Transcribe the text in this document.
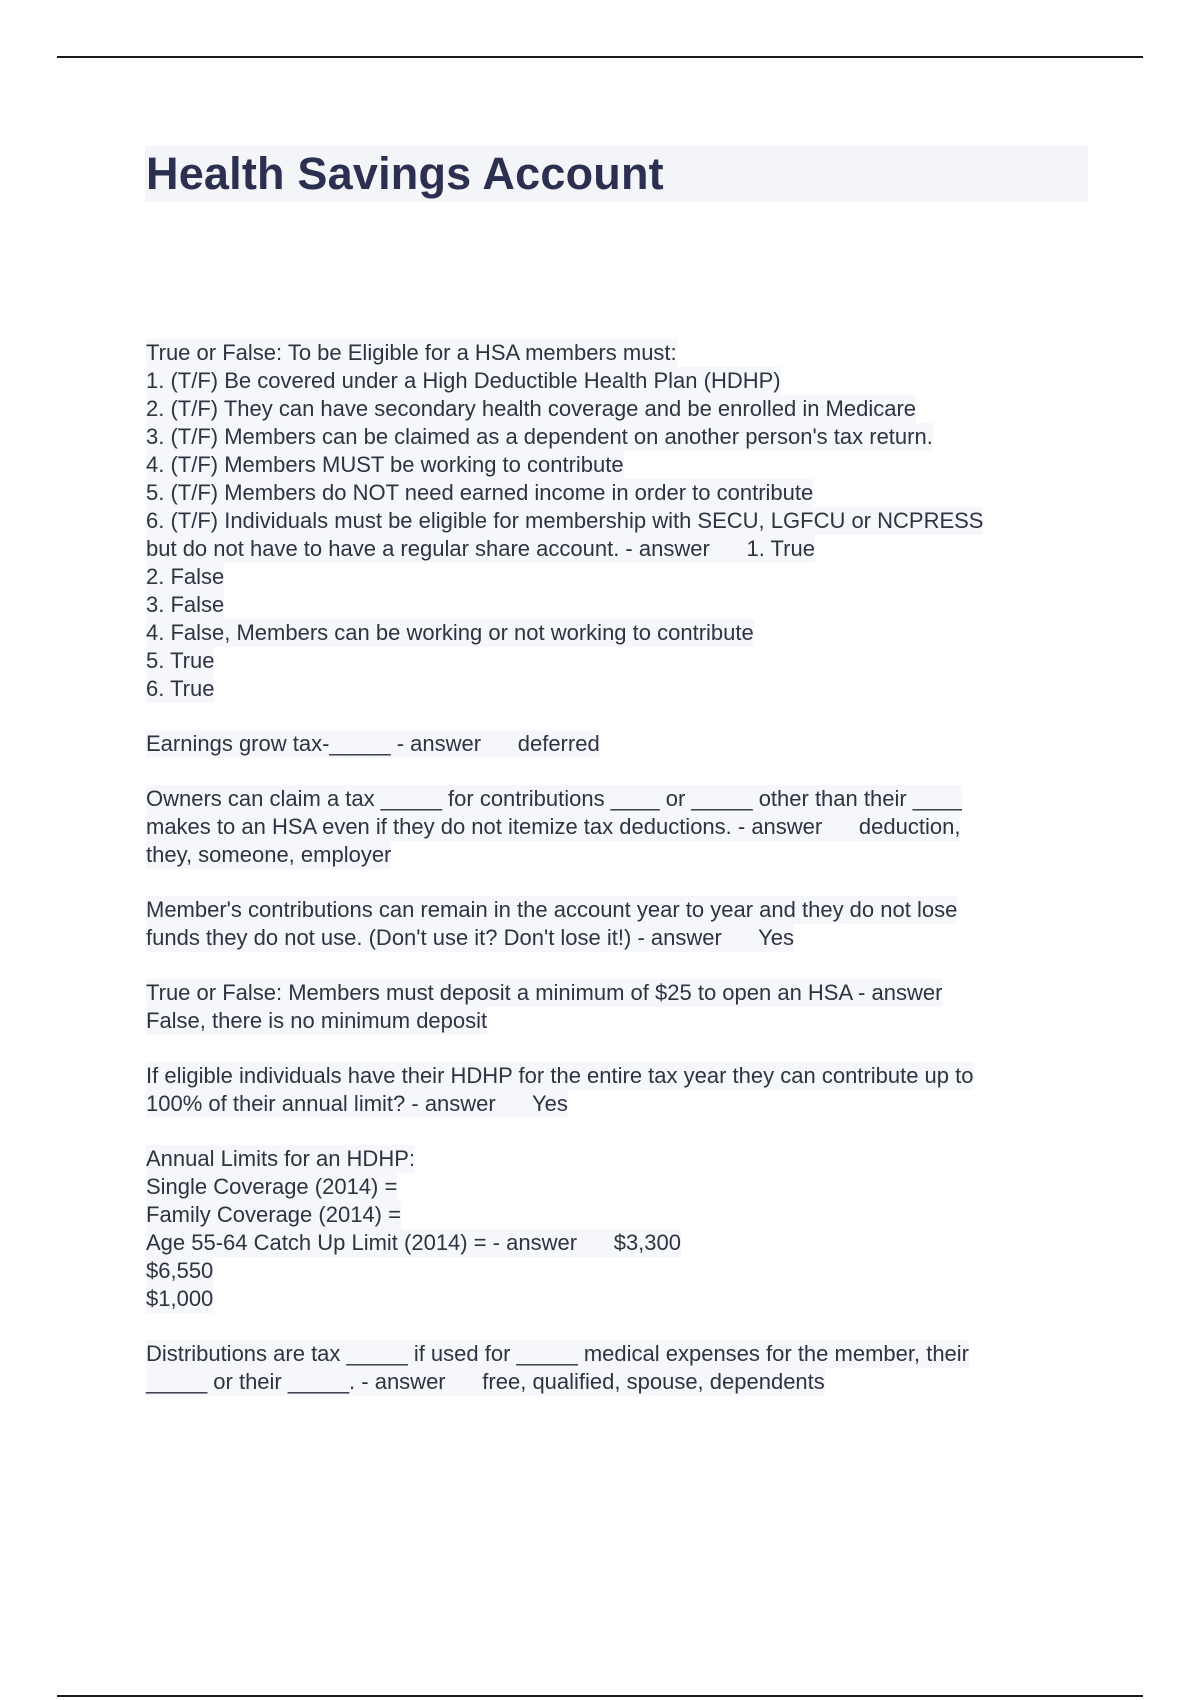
Health Savings Account
True or False: To be Eligible for a HSA members must:
1. (T/F) Be covered under a High Deductible Health Plan (HDHP)
2. (T/F) They can have secondary health coverage and be enrolled in Medicare
3. (T/F) Members can be claimed as a dependent on another person's tax return.
4. (T/F) Members MUST be working to contribute
5. (T/F) Members do NOT need earned income in order to contribute
6. (T/F) Individuals must be eligible for membership with SECU, LGFCU or NCPRESS
but do not have to have a regular share account. - answer      1. True
2. False
3. False
4. False, Members can be working or not working to contribute
5. True
6. True
Earnings grow tax-_____ - answer      deferred
Owners can claim a tax _____ for contributions ____ or _____ other than their ____
makes to an HSA even if they do not itemize tax deductions. - answer      deduction,
they, someone, employer
Member's contributions can remain in the account year to year and they do not lose
funds they do not use. (Don't use it? Don't lose it!) - answer      Yes
True or False: Members must deposit a minimum of $25 to open an HSA - answer
False, there is no minimum deposit
If eligible individuals have their HDHP for the entire tax year they can contribute up to
100% of their annual limit? - answer      Yes
Annual Limits for an HDHP:
Single Coverage (2014) =
Family Coverage (2014) =
Age 55-64 Catch Up Limit (2014) = - answer      $3,300
$6,550
$1,000
Distributions are tax _____ if used for _____ medical expenses for the member, their
_____ or their _____. - answer      free, qualified, spouse, dependents
